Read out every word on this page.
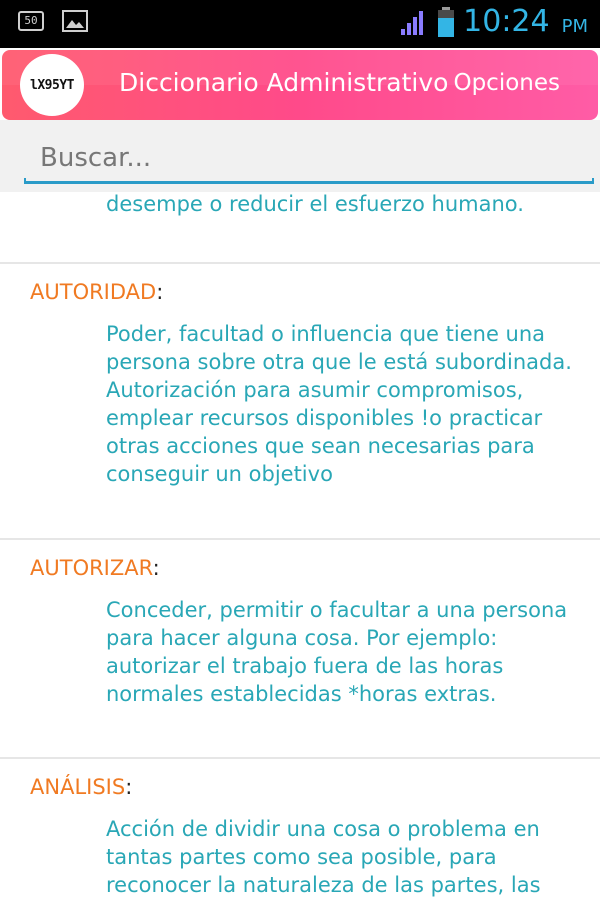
50	10:24 PM
lX95YT	Diccionario Administrativo Opciones
Buscar...

desempe o reducir el esfuerzo humano.

AUTORIDAD:

Poder, facultad o influencia que tiene una persona sobre otra que le está subordinada. Autorización para asumir compromisos, emplear recursos disponibles !o practicar otras acciones que sean necesarias para conseguir un objetivo

AUTORIZAR:

Conceder, permitir o facultar a una persona para hacer alguna cosa. Por ejemplo: autorizar el trabajo fuera de las horas normales establecidas *horas extras.

ANÁLISIS:

Acción de dividir una cosa o problema en tantas partes como sea posible, para reconocer la naturaleza de las partes, las
